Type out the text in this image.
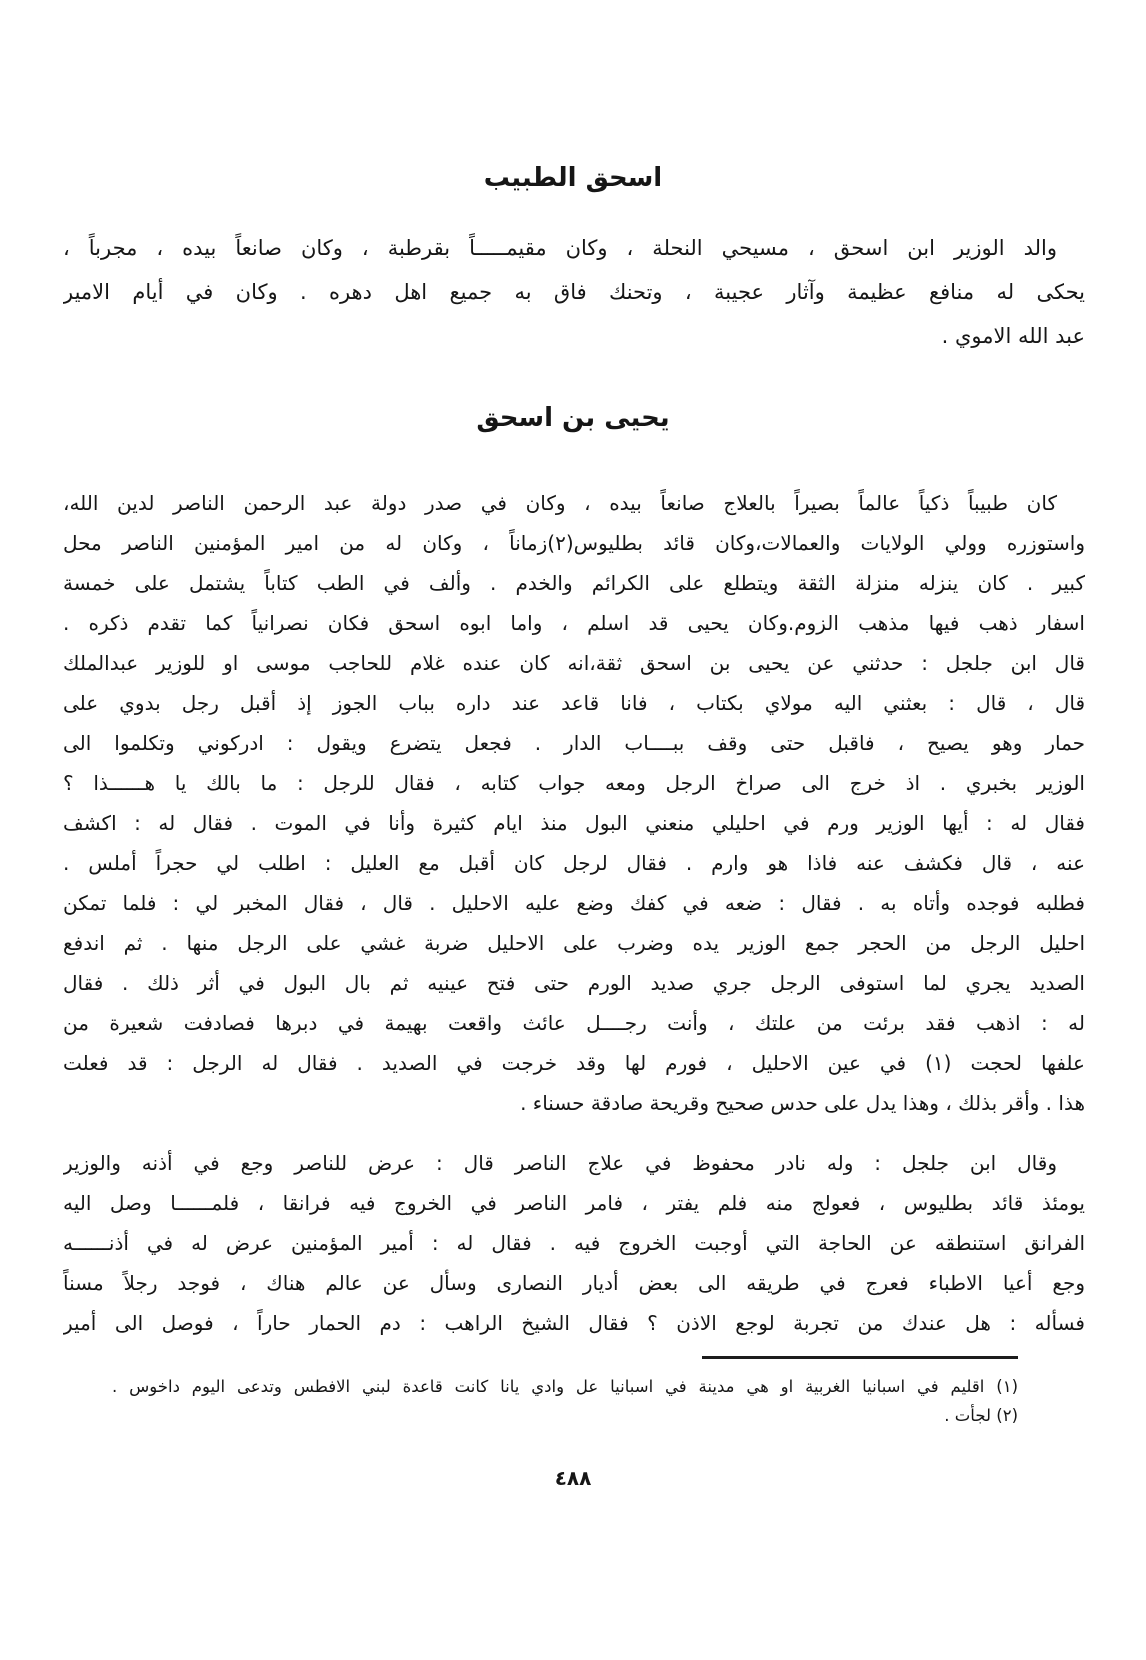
اسحق الطبيب
والد الوزير ابن اسحق ، مسيحي النحلة ، وكان مقيمـــــاً بقرطبة ، وكان صانعاً بيده ، مجرباً ،
يحكى له منافع عظيمة وآثار عجيبة ، وتحنك فاق به جميع اهل دهره . وكان في أيام الامير
عبد الله الاموي .
يحيى بن اسحق
كان طبيباً ذكياً عالماً بصيراً بالعلاج صانعاً بيده ، وكان في صدر دولة عبد الرحمن الناصر لدين الله،
واستوزره وولي الولايات والعمالات،وكان قائد بطليوس(٢)زماناً ، وكان له من امير المؤمنين الناصر محل
كبير . كان ينزله منزلة الثقة ويتطلع على الكرائم والخدم . وألف في الطب كتاباً يشتمل على خمسة
اسفار ذهب فيها مذهب الزوم.وكان يحيى قد اسلم ، واما ابوه اسحق فكان نصرانياً كما تقدم ذكره .
قال ابن جلجل : حدثني عن يحيى بن اسحق ثقة،انه كان عنده غلام للحاجب موسى او للوزير عبدالملك
قال ، قال : بعثني اليه مولاي بكتاب ، فانا قاعد عند داره بباب الجوز إذ أقبل رجل بدوي على
حمار وهو يصيح ، فاقبل حتى وقف ببــــاب الدار . فجعل يتضرع ويقول : ادركوني وتكلموا الى
الوزير بخبري . اذ خرج الى صراخ الرجل ومعه جواب كتابه ، فقال للرجل : ما بالك يا هــــــذا ؟
فقال له : أيها الوزير ورم في احليلي منعني البول منذ ايام كثيرة وأنا في الموت . فقال له : اكشف
عنه ، قال فكشف عنه فاذا هو وارم . فقال لرجل كان أقبل مع العليل : اطلب لي حجراً أملس .
فطلبه فوجده وأتاه به . فقال : ضعه في كفك وضع عليه الاحليل . قال ، فقال المخبر لي : فلما تمكن
احليل الرجل من الحجر جمع الوزير يده وضرب على الاحليل ضربة غشي على الرجل منها . ثم اندفع
الصديد يجري لما استوفى الرجل جري صديد الورم حتى فتح عينيه ثم بال البول في أثر ذلك . فقال
له : اذهب فقد برئت من علتك ، وأنت رجــــل عائث واقعت بهيمة في دبرها فصادفت شعيرة من
علفها لحجت (١) في عين الاحليل ، فورم لها وقد خرجت في الصديد . فقال له الرجل : قد فعلت
هذا . وأقر بذلك ، وهذا يدل على حدس صحيح وقريحة صادقة حسناء .
وقال ابن جلجل : وله نادر محفوظ في علاج الناصر قال : عرض للناصر وجع في أذنه والوزير
يومئذ قائد بطليوس ، فعولج منه فلم يفتر ، فامر الناصر في الخروج فيه فرانقا ، فلمــــــا وصل اليه
الفرانق استنطقه عن الحاجة التي أوجبت الخروج فيه . فقال له : أمير المؤمنين عرض له في أذنــــــه
وجع أعيا الاطباء فعرج في طريقه الى بعض أديار النصارى وسأل عن عالم هناك ، فوجد رجلاً مسناً
فسأله : هل عندك من تجربة لوجع الاذن ؟ فقال الشيخ الراهب : دم الحمار حاراً ، فوصل الى أمير
(١) اقليم في اسبانيا الغربية او هي مدينة في اسبانيا عل وادي يانا كانت قاعدة لبني الافطس وتدعى اليوم داخوس .
(٢) لجأت .
٤٨٨
